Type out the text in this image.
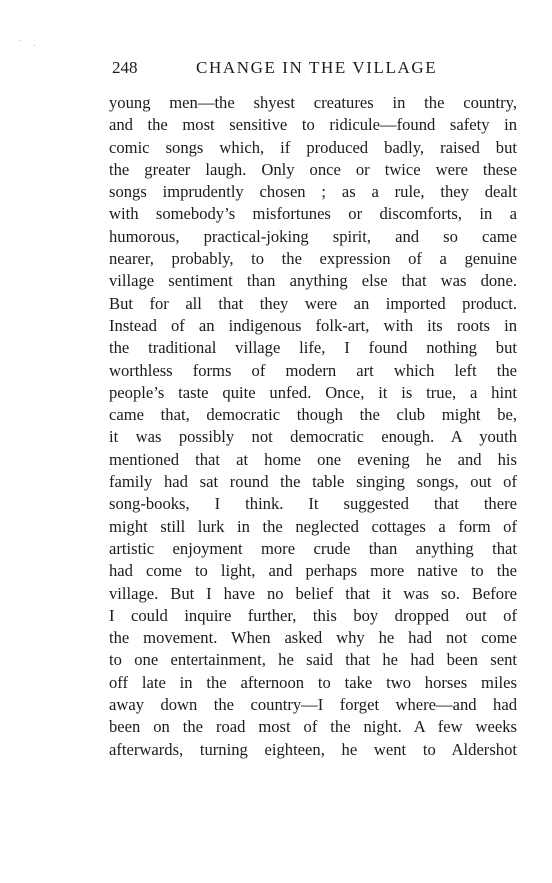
248	CHANGE IN THE VILLAGE
young men—the shyest creatures in the country,
and the most sensitive to ridicule—found safety in
comic songs which, if produced badly, raised but
the greater laugh. Only once or twice were these
songs imprudently chosen ; as a rule, they dealt
with somebody’s misfortunes or discomforts, in a
humorous, practical-joking spirit, and so came
nearer, probably, to the expression of a genuine
village sentiment than anything else that was done.
But for all that they were an imported product.
Instead of an indigenous folk-art, with its roots in
the traditional village life, I found nothing but
worthless forms of modern art which left the
people’s taste quite unfed. Once, it is true, a hint
came that, democratic though the club might be,
it was possibly not democratic enough. A youth
mentioned that at home one evening he and his
family had sat round the table singing songs, out of
song-books, I think. It suggested that there
might still lurk in the neglected cottages a form of
artistic enjoyment more crude than anything that
had come to light, and perhaps more native to the
village. But I have no belief that it was so. Before
I could inquire further, this boy dropped out of
the movement. When asked why he had not come
to one entertainment, he said that he had been sent
off late in the afternoon to take two horses miles
away down the country—I forget where—and had
been on the road most of the night. A few weeks
afterwards, turning eighteen, he went to Aldershot
